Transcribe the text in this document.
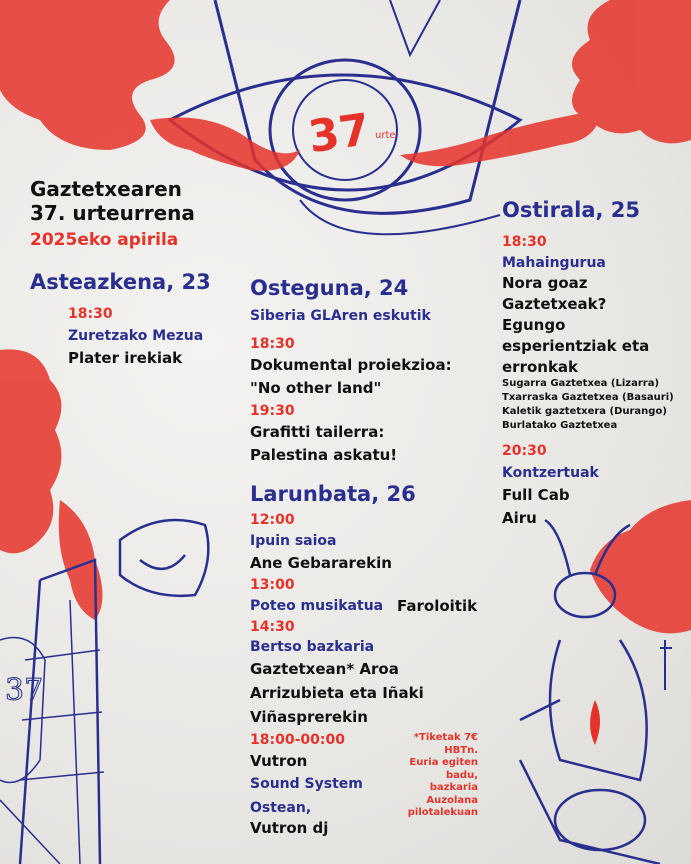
37 urte
37
Gaztetxearen
37. urteurrena
2025eko apirila
Asteazkena, 23
18:30
Zuretzako Mezua
Plater irekiak
Osteguna, 24
Siberia GLAren eskutik
18:30
Dokumental proiekzioa:
"No other land"
19:30
Grafitti tailerra:
Palestina askatu!
Ostirala, 25
18:30
Mahaingurua
Nora goaz
Gaztetxeak?
Egungo
esperientziak eta
erronkak
Sugarra Gaztetxea (Lizarra)
Txarraska Gaztetxea (Basauri)
Kaletik gaztetxera (Durango)
Burlatako Gaztetxea
20:30
Kontzertuak
Full Cab
Airu
Larunbata, 26
12:00
Ipuin saioa
Ane Gebararekin
13:00
Poteo musikatua Faroloitik
14:30
Bertso bazkaria
Gaztetxean* Aroa
Arrizubieta eta Iñaki
Viñasprerekin
18:00-00:00
Vutron
Sound System
Ostean,
Vutron dj
*Tiketak 7€
HBTn.
Euria egiten
badu,
bazkaria
Auzolana
pilotalekuan
